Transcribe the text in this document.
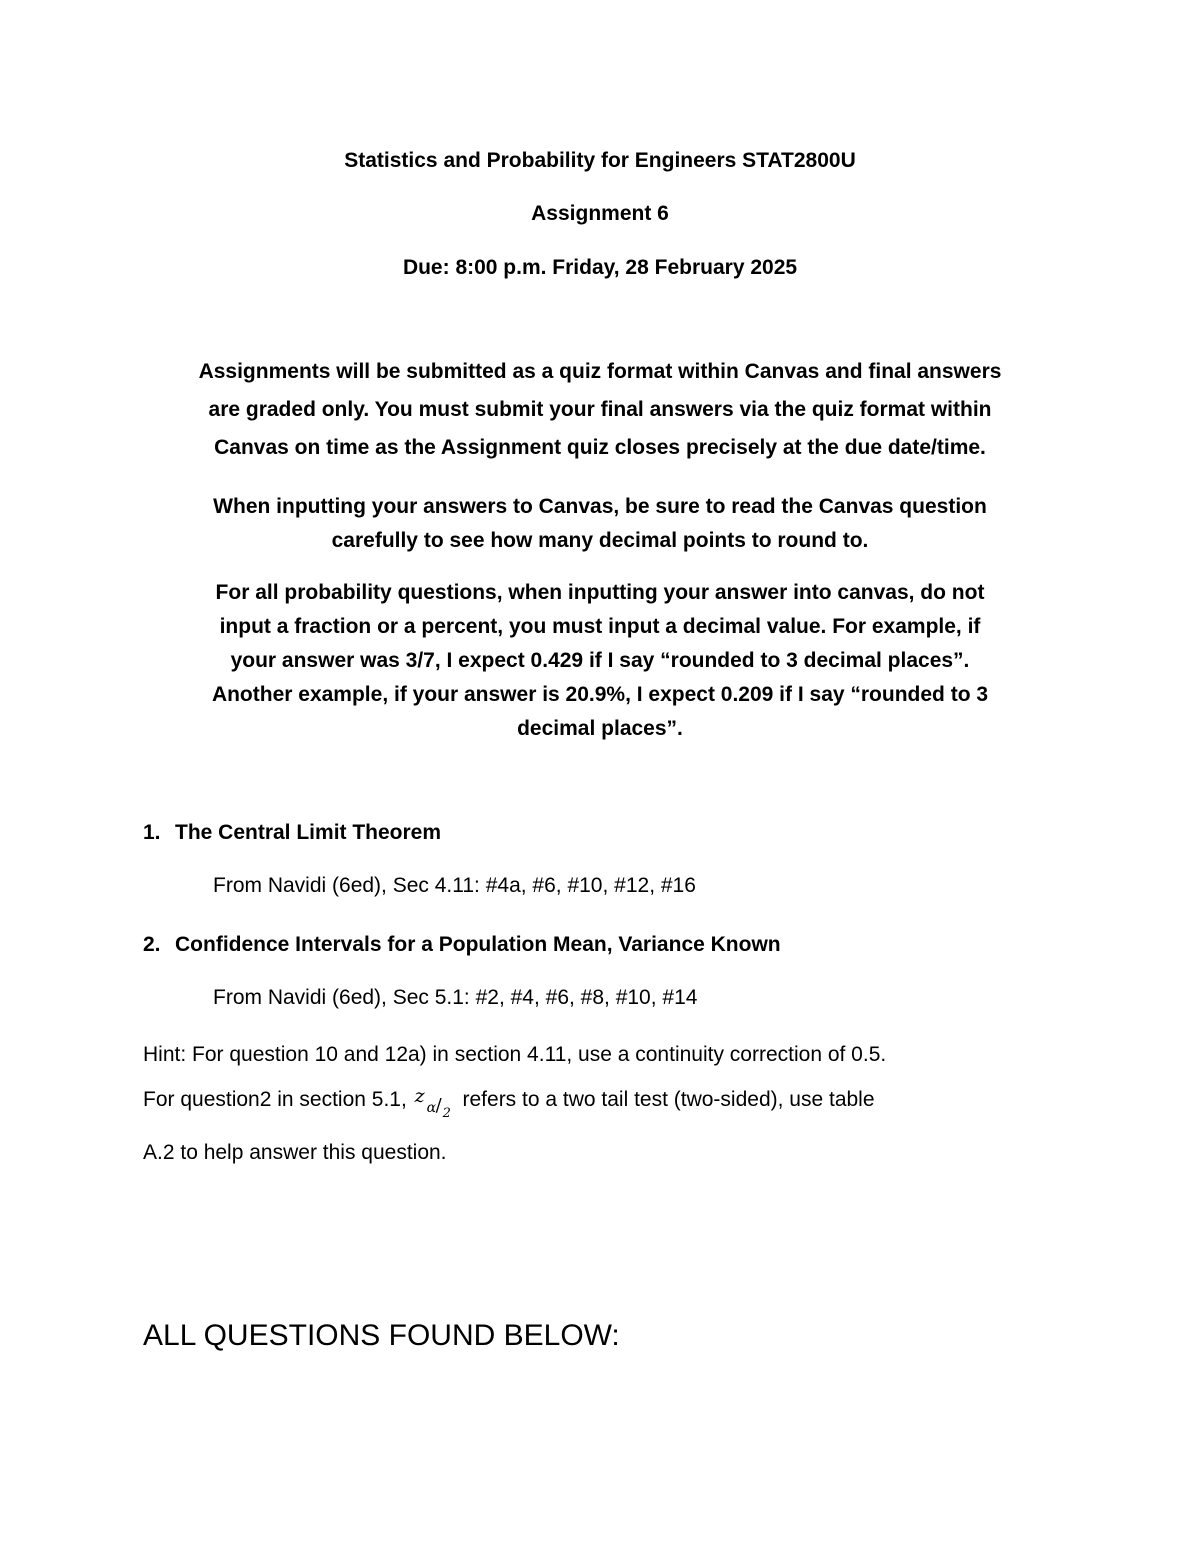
Statistics and Probability for Engineers STAT2800U
Assignment 6
Due: 8:00 p.m. Friday, 28 February 2025
Assignments will be submitted as a quiz format within Canvas and final answers
are graded only. You must submit your final answers via the quiz format within
Canvas on time as the Assignment quiz closes precisely at the due date/time.
When inputting your answers to Canvas, be sure to read the Canvas question
carefully to see how many decimal points to round to.
For all probability questions, when inputting your answer into canvas, do not
input a fraction or a percent, you must input a decimal value. For example, if
your answer was 3/7, I expect 0.429 if I say “rounded to 3 decimal places”.
Another example, if your answer is 20.9%, I expect 0.209 if I say “rounded to 3
decimal places”.
1. The Central Limit Theorem
From Navidi (6ed), Sec 4.11: #4a, #6, #10, #12, #16
2. Confidence Intervals for a Population Mean, Variance Known
From Navidi (6ed), Sec 5.1: #2, #4, #6, #8, #10, #14
Hint: For question 10 and 12a) in section 4.11, use a continuity correction of 0.5.
For question2 in section 5.1, z
α / 2
refers to a two tail test (two-sided), use table
A.2 to help answer this question.
ALL QUESTIONS FOUND BELOW:
